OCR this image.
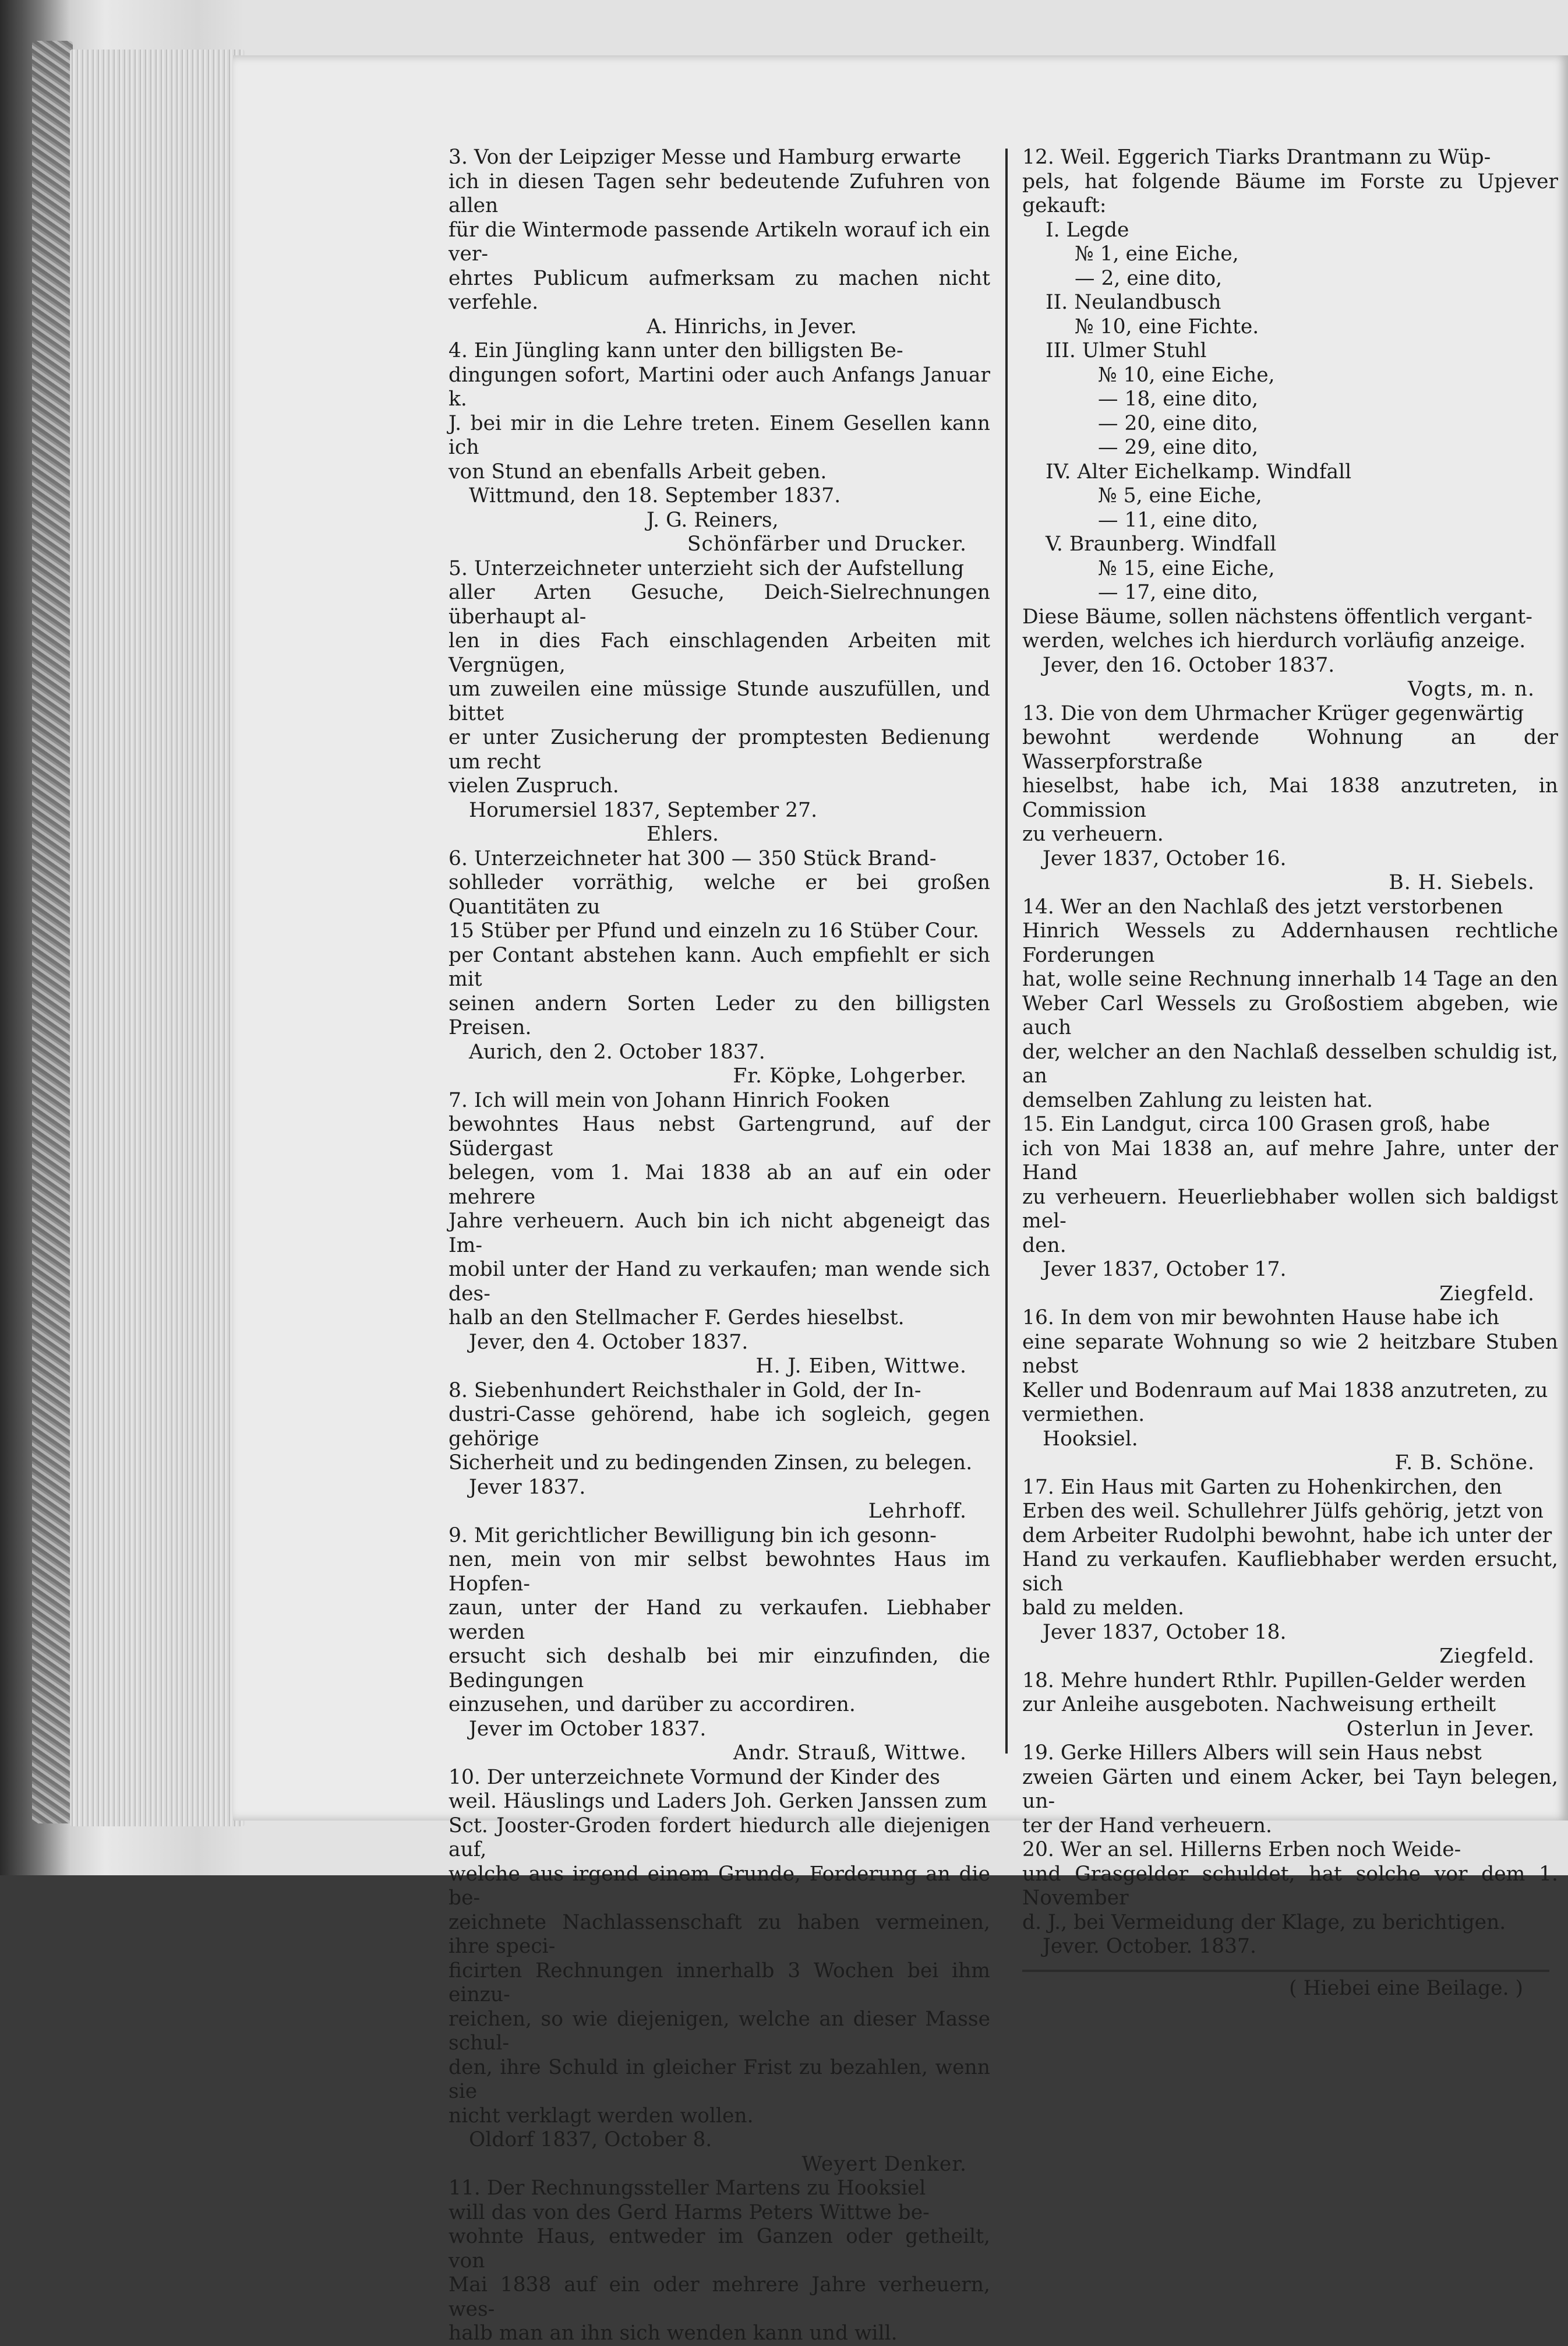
3. Von der Leipziger Messe und Hamburg erwarte
ich in diesen Tagen sehr bedeutende Zufuhren von allen
für die Wintermode passende Artikeln worauf ich ein ver-
ehrtes Publicum aufmerksam zu machen nicht verfehle.
A. Hinrichs, in Jever.
4. Ein Jüngling kann unter den billigsten Be-
dingungen sofort, Martini oder auch Anfangs Januar k.
J. bei mir in die Lehre treten. Einem Gesellen kann ich
von Stund an ebenfalls Arbeit geben.
Wittmund, den 18. September 1837.
J. G. Reiners,
Schönfärber und Drucker.
5. Unterzeichneter unterzieht sich der Aufstellung
aller Arten Gesuche, Deich-Sielrechnungen überhaupt al-
len in dies Fach einschlagenden Arbeiten mit Vergnügen,
um zuweilen eine müssige Stunde auszufüllen, und bittet
er unter Zusicherung der promptesten Bedienung um recht
vielen Zuspruch.
Horumersiel 1837, September 27.
Ehlers.
6. Unterzeichneter hat 300 — 350 Stück Brand-
sohlleder vorräthig, welche er bei großen Quantitäten zu
15 Stüber per Pfund und einzeln zu 16 Stüber Cour.
per Contant abstehen kann. Auch empfiehlt er sich mit
seinen andern Sorten Leder zu den billigsten Preisen.
Aurich, den 2. October 1837.
Fr. Köpke, Lohgerber.
7. Ich will mein von Johann Hinrich Fooken
bewohntes Haus nebst Gartengrund, auf der Südergast
belegen, vom 1. Mai 1838 ab an auf ein oder mehrere
Jahre verheuern. Auch bin ich nicht abgeneigt das Im-
mobil unter der Hand zu verkaufen; man wende sich des-
halb an den Stellmacher F. Gerdes hieselbst.
Jever, den 4. October 1837.
H. J. Eiben, Wittwe.
8. Siebenhundert Reichsthaler in Gold, der In-
dustri-Casse gehörend, habe ich sogleich, gegen gehörige
Sicherheit und zu bedingenden Zinsen, zu belegen.
Jever 1837.
Lehrhoff.
9. Mit gerichtlicher Bewilligung bin ich gesonn-
nen, mein von mir selbst bewohntes Haus im Hopfen-
zaun, unter der Hand zu verkaufen. Liebhaber werden
ersucht sich deshalb bei mir einzufinden, die Bedingungen
einzusehen, und darüber zu accordiren.
Jever im October 1837.
Andr. Strauß, Wittwe.
10. Der unterzeichnete Vormund der Kinder des
weil. Häuslings und Laders Joh. Gerken Janssen zum
Sct. Jooster-Groden fordert hiedurch alle diejenigen auf,
welche aus irgend einem Grunde, Forderung an die be-
zeichnete Nachlassenschaft zu haben vermeinen, ihre speci-
ficirten Rechnungen innerhalb 3 Wochen bei ihm einzu-
reichen, so wie diejenigen, welche an dieser Masse schul-
den, ihre Schuld in gleicher Frist zu bezahlen, wenn sie
nicht verklagt werden wollen.
Oldorf 1837, October 8.
Weyert Denker.
11. Der Rechnungssteller Martens zu Hooksiel
will das von des Gerd Harms Peters Wittwe be-
wohnte Haus, entweder im Ganzen oder getheilt, von
Mai 1838 auf ein oder mehrere Jahre verheuern, wes-
halb man an ihn sich wenden kann und will.
12. Weil. Eggerich Tiarks Drantmann zu Wüp-
pels, hat folgende Bäume im Forste zu Upjever gekauft:
I. Legde
№ 1, eine Eiche,
— 2, eine dito,
II. Neulandbusch
№ 10, eine Fichte.
III. Ulmer Stuhl
№ 10, eine Eiche,
— 18, eine dito,
— 20, eine dito,
— 29, eine dito,
IV. Alter Eichelkamp. Windfall
№ 5, eine Eiche,
— 11, eine dito,
V. Braunberg. Windfall
№ 15, eine Eiche,
— 17, eine dito,
Diese Bäume, sollen nächstens öffentlich vergant-
werden, welches ich hierdurch vorläufig anzeige.
Jever, den 16. October 1837.
Vogts, m. n.
13. Die von dem Uhrmacher Krüger gegenwärtig
bewohnt werdende Wohnung an der Wasserpforstraße
hieselbst, habe ich, Mai 1838 anzutreten, in Commission
zu verheuern.
Jever 1837, October 16.
B. H. Siebels.
14. Wer an den Nachlaß des jetzt verstorbenen
Hinrich Wessels zu Addernhausen rechtliche Forderungen
hat, wolle seine Rechnung innerhalb 14 Tage an den
Weber Carl Wessels zu Großostiem abgeben, wie auch
der, welcher an den Nachlaß desselben schuldig ist, an
demselben Zahlung zu leisten hat.
15. Ein Landgut, circa 100 Grasen groß, habe
ich von Mai 1838 an, auf mehre Jahre, unter der Hand
zu verheuern. Heuerliebhaber wollen sich baldigst mel-
den.
Jever 1837, October 17.
Ziegfeld.
16. In dem von mir bewohnten Hause habe ich
eine separate Wohnung so wie 2 heitzbare Stuben nebst
Keller und Bodenraum auf Mai 1838 anzutreten, zu
vermiethen.
Hooksiel.
F. B. Schöne.
17. Ein Haus mit Garten zu Hohenkirchen, den
Erben des weil. Schullehrer Jülfs gehörig, jetzt von
dem Arbeiter Rudolphi bewohnt, habe ich unter der
Hand zu verkaufen. Kaufliebhaber werden ersucht, sich
bald zu melden.
Jever 1837, October 18.
Ziegfeld.
18. Mehre hundert Rthlr. Pupillen-Gelder werden
zur Anleihe ausgeboten. Nachweisung ertheilt
Osterlun in Jever.
19. Gerke Hillers Albers will sein Haus nebst
zweien Gärten und einem Acker, bei Tayn belegen, un-
ter der Hand verheuern.
20. Wer an sel. Hillerns Erben noch Weide-
und Grasgelder schuldet, hat solche vor dem 1. November
d. J., bei Vermeidung der Klage, zu berichtigen.
Jever. October. 1837.
( Hiebei eine Beilage. )
